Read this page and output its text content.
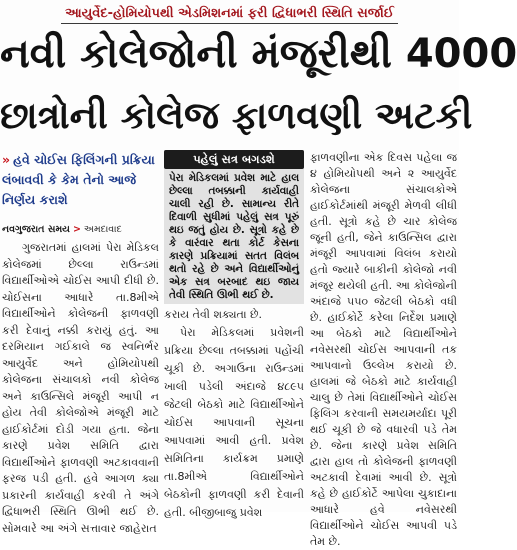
આયુર્વેદ-હોમિયોપથી એડમિશનમાં ફરી દ્વિધાભરી સ્થિતિ સર્જાઈ
નવી કોલેજોની મંજૂરીથી 4000
છાત્રોની કોલેજ ફાળવણી અટકી
» હવે ચોઈસ ફિલિંગની પ્રક્રિયા લંબાવવી કે કેમ તેનો આજે નિર્ણય કરાશે
નવગુજરાત સમય > અમદાવાદ

ગુજરાતમાં હાલમાં પેરા મેડિકલ કોલેજમાં છેલ્લા રાઉન્ડમાં વિદ્યાર્થીઓએ ચોઈસ આપી દીધી છે. ચોઈસના આધારે તા.8મીએ વિદ્યાર્થીઓને કોલેજની ફાળવણી કરી દેવાનું નક્કી કરાયું હતું. આ દરમિયાન ગઈકાલે જ સ્વનિર્ભર આયુર્વેદ અને હોમિયોપથી કોલેજના સંચાલકો નવી કોલેજ અને કાઉન્સિલે મંજૂરી આપી ન હોય તેવી કોલેજોએ મંજૂરી માટે હાઈકોર્ટમાં દોડી ગયા હતા. જેના કારણે પ્રવેશ સમિતિ દ્વારા વિદ્યાર્થીઓને ફાળવણી અટકાવવાની ફરજ પડી હતી. હવે આગળ ક્યા પ્રકારની કાર્યવાહી કરવી તે અંગે દ્વિધાભરી સ્થિતિ ઊભી થઈ છે. સોમવારે આ અંગે સત્તાવાર જાહેરાત

પહેલું સત્ર બગડશે

પેરા મેડિકલમાં પ્રવેશ માટે હાલ છેલ્લા તબક્કાની કાર્યવાહી ચાલી રહી છે. સામાન્ય રીતે દિવાળી સુધીમાં પહેલું સત્ર પૂરું થઇ જતું હોય છે. સૂત્રો કહે છે કે વારંવાર થતા કોર્ટ કેસના કારણે પ્રક્રિયામાં સતત વિલંબ થતો રહે છે અને વિદ્યાર્થીઓનું એક સત્ર બરબાદ થઇ જાય તેવી સ્થિતિ ઊભી થઈ છે.

કરાય તેવી શક્યતા છે.

પેરા મેડિકલમાં પ્રવેશની પ્રક્રિયા છેલ્લા તબક્કામાં પહોંચી ચૂકી છે. અગાઉના રાઉન્ડમાં ખાલી પડેલી અંદાજે ૪૮૯૫ જેટલી બેઠકો માટે વિદ્યાર્થીઓને ચોઈસ આપવાની સૂચના આપવામાં આવી હતી. પ્રવેશ સમિતિના કાર્યક્રમ પ્રમાણે તા.8મીએ વિદ્યાર્થીઓને બેઠકોની ફાળવણી કરી દેવાની હતી. બીજીબાજુ પ્રવેશ

ફાળવણીના એક દિવસ પહેલા જ ૪ હોમિયોપથી અને ૨ આયુર્વેદ કોલેજના સંચાલકોએ હાઈકોર્ટમાંથી મંજૂરી મેળવી લીધી હતી. સૂત્રો કહે છે ચાર કોલેજ જૂની હતી, જેને કાઉન્સિલ દ્વારા મંજૂરી આપવામાં વિલંબ કરાયો હતો જ્યારે બાકીની કોલેજો નવી મંજૂર થયેલી હતી. આ કોલેજોની અંદાજે ૫૫૦ જેટલી બેઠકો વધી છે. હાઈકોર્ટે કરેલા નિર્દેશ પ્રમાણે આ બેઠકો માટે વિદ્યાર્થીઓને નવેસરથી ચોઈસ આપવાની તક આપવાનો ઉલ્લેખ કરાયો છે. હાલમાં જે બેઠકો માટે કાર્યવાહી ચાલુ છે તેમાં વિદ્યાર્થીઓને ચોઈસ ફિલિંગ કરવાની સમયમર્યાદા પૂરી થઈ ચૂકી છે જે વધારવી પડે તેમ છે. જેના કારણે પ્રવેશ સમિતિ દ્વારા હાલ તો કોલેજની ફાળવણી અટકાવી દેવામાં આવી છે. સૂત્રો કહે છે હાઈકોર્ટે આપેલા ચુકાદાના આધારે હવે નવેસરથી વિદ્યાર્થીઓને ચોઈસ આપવી પડે તેમ છે.
